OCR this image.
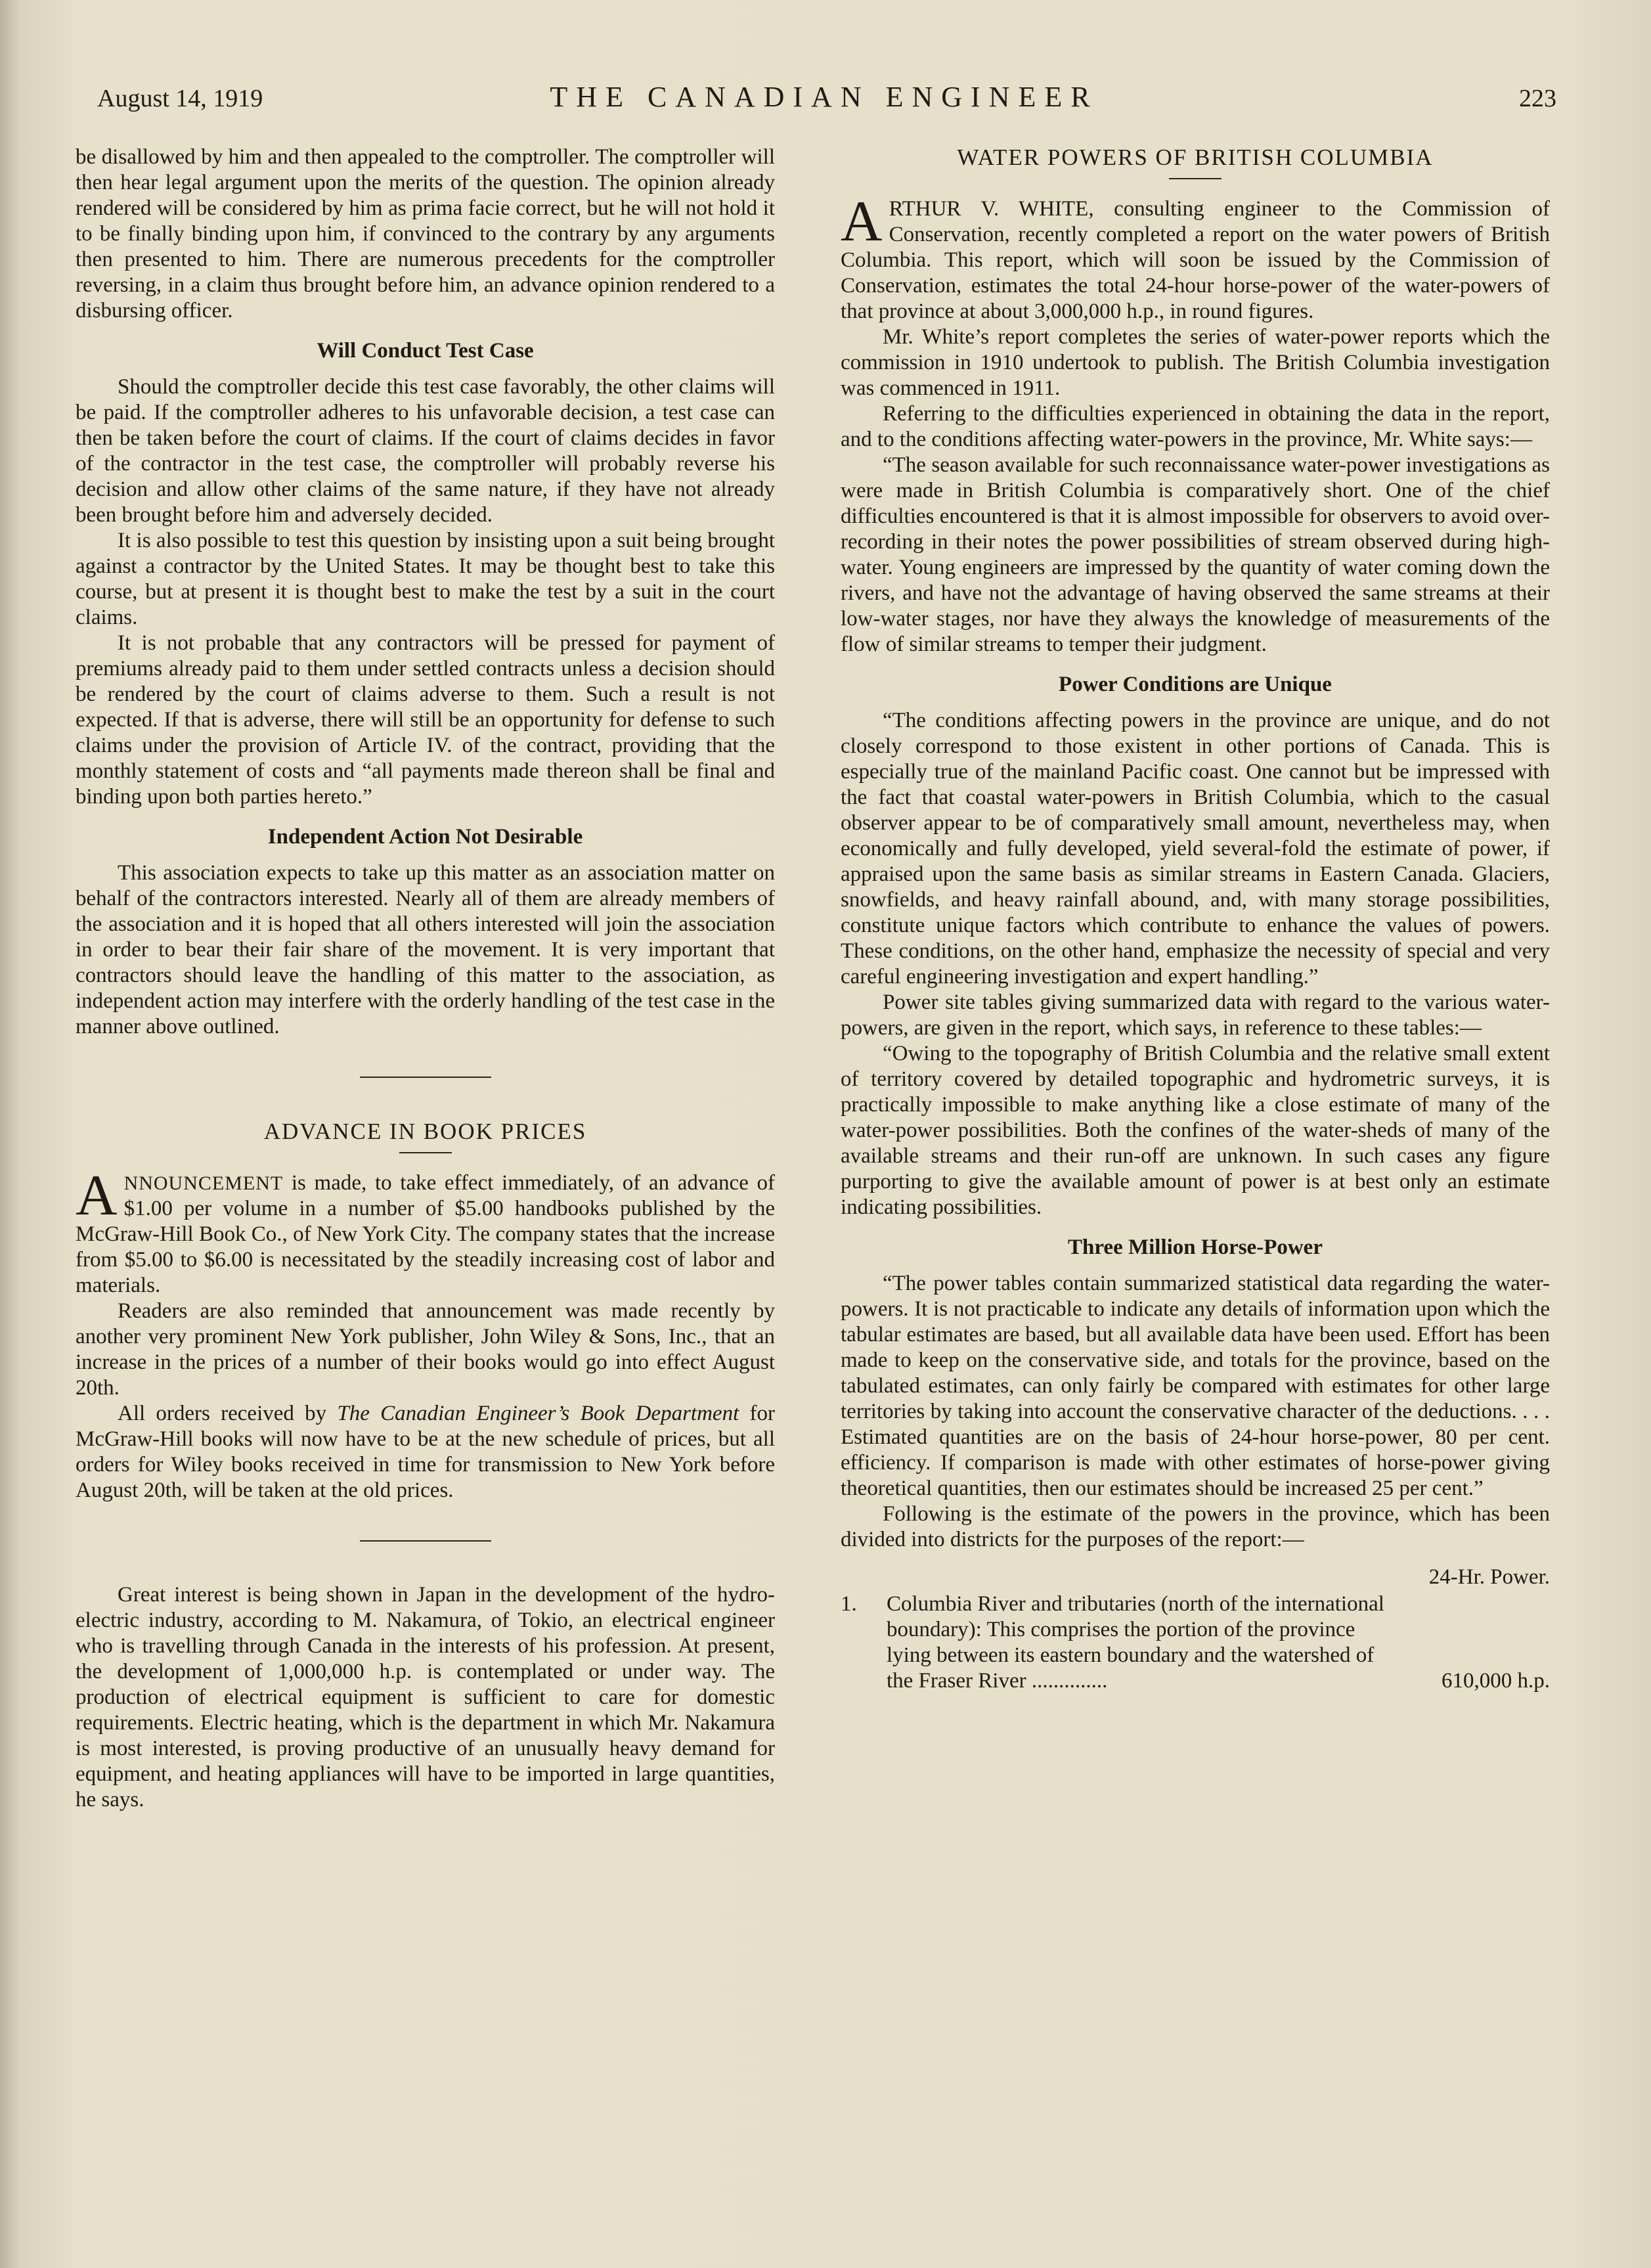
August 14, 1919	THE CANADIAN ENGINEER	223

be disallowed by him and then appealed to the comptroller. The comptroller will then hear legal argument upon the merits of the question. The opinion already rendered will be considered by him as prima facie correct, but he will not hold it to be finally binding upon him, if convinced to the contrary by any arguments then presented to him. There are numerous precedents for the comptroller reversing, in a claim thus brought before him, an advance opinion rendered to a disbursing officer.

Will Conduct Test Case

Should the comptroller decide this test case favorably, the other claims will be paid. If the comptroller adheres to his unfavorable decision, a test case can then be taken before the court of claims. If the court of claims decides in favor of the contractor in the test case, the comptroller will probably reverse his decision and allow other claims of the same nature, if they have not already been brought before him and adversely decided.

It is also possible to test this question by insisting upon a suit being brought against a contractor by the United States. It may be thought best to take this course, but at present it is thought best to make the test by a suit in the court claims.

It is not probable that any contractors will be pressed for payment of premiums already paid to them under settled contracts unless a decision should be rendered by the court of claims adverse to them. Such a result is not expected. If that is adverse, there will still be an opportunity for defense to such claims under the provision of Article IV. of the contract, providing that the monthly statement of costs and “all payments made thereon shall be final and binding upon both parties hereto.”

Independent Action Not Desirable

This association expects to take up this matter as an association matter on behalf of the contractors interested. Nearly all of them are already members of the association and it is hoped that all others interested will join the association in order to bear their fair share of the movement. It is very important that contractors should leave the handling of this matter to the association, as independent action may interfere with the orderly handling of the test case in the manner above outlined.

ADVANCE IN BOOK PRICES

ANNOUNCEMENT is made, to take effect immediately, of an advance of $1.00 per volume in a number of $5.00 handbooks published by the McGraw-Hill Book Co., of New York City. The company states that the increase from $5.00 to $6.00 is necessitated by the steadily increasing cost of labor and materials.

Readers are also reminded that announcement was made recently by another very prominent New York publisher, John Wiley & Sons, Inc., that an increase in the prices of a number of their books would go into effect August 20th.

All orders received by The Canadian Engineer’s Book Department for McGraw-Hill books will now have to be at the new schedule of prices, but all orders for Wiley books received in time for transmission to New York before August 20th, will be taken at the old prices.

Great interest is being shown in Japan in the development of the hydro-electric industry, according to M. Nakamura, of Tokio, an electrical engineer who is travelling through Canada in the interests of his profession. At present, the development of 1,000,000 h.p. is contemplated or under way. The production of electrical equipment is sufficient to care for domestic requirements. Electric heating, which is the department in which Mr. Nakamura is most interested, is proving productive of an unusually heavy demand for equipment, and heating appliances will have to be imported in large quantities, he says.

WATER POWERS OF BRITISH COLUMBIA

ARTHUR V. WHITE, consulting engineer to the Commission of Conservation, recently completed a report on the water powers of British Columbia. This report, which will soon be issued by the Commission of Conservation, estimates the total 24-hour horse-power of the water-powers of that province at about 3,000,000 h.p., in round figures.

Mr. White’s report completes the series of water-power reports which the commission in 1910 undertook to publish. The British Columbia investigation was commenced in 1911.

Referring to the difficulties experienced in obtaining the data in the report, and to the conditions affecting water-powers in the province, Mr. White says:—

“The season available for such reconnaissance water-power investigations as were made in British Columbia is comparatively short. One of the chief difficulties encountered is that it is almost impossible for observers to avoid over-recording in their notes the power possibilities of stream observed during high-water. Young engineers are impressed by the quantity of water coming down the rivers, and have not the advantage of having observed the same streams at their low-water stages, nor have they always the knowledge of measurements of the flow of similar streams to temper their judgment.

Power Conditions are Unique

“The conditions affecting powers in the province are unique, and do not closely correspond to those existent in other portions of Canada. This is especially true of the mainland Pacific coast. One cannot but be impressed with the fact that coastal water-powers in British Columbia, which to the casual observer appear to be of comparatively small amount, nevertheless may, when economically and fully developed, yield several-fold the estimate of power, if appraised upon the same basis as similar streams in Eastern Canada. Glaciers, snowfields, and heavy rainfall abound, and, with many storage possibilities, constitute unique factors which contribute to enhance the values of powers. These conditions, on the other hand, emphasize the necessity of special and very careful engineering investigation and expert handling.”

Power site tables giving summarized data with regard to the various water-powers, are given in the report, which says, in reference to these tables:—

“Owing to the topography of British Columbia and the relative small extent of territory covered by detailed topographic and hydrometric surveys, it is practically impossible to make anything like a close estimate of many of the water-power possibilities. Both the confines of the water-sheds of many of the available streams and their run-off are unknown. In such cases any figure purporting to give the available amount of power is at best only an estimate indicating possibilities.

Three Million Horse-Power

“The power tables contain summarized statistical data regarding the water-powers. It is not practicable to indicate any details of information upon which the tabular estimates are based, but all available data have been used. Effort has been made to keep on the conservative side, and totals for the province, based on the tabulated estimates, can only fairly be compared with estimates for other large territories by taking into account the conservative character of the deductions. . . . Estimated quantities are on the basis of 24-hour horse-power, 80 per cent. efficiency. If comparison is made with other estimates of horse-power giving theoretical quantities, then our estimates should be increased 25 per cent.”

Following is the estimate of the powers in the province, which has been divided into districts for the purposes of the report:—

24-Hr. Power.
1.	Columbia River and tributaries (north of the international boundary): This comprises the portion of the province lying between its eastern boundary and the watershed of the Fraser River ..............	610,000 h.p.
